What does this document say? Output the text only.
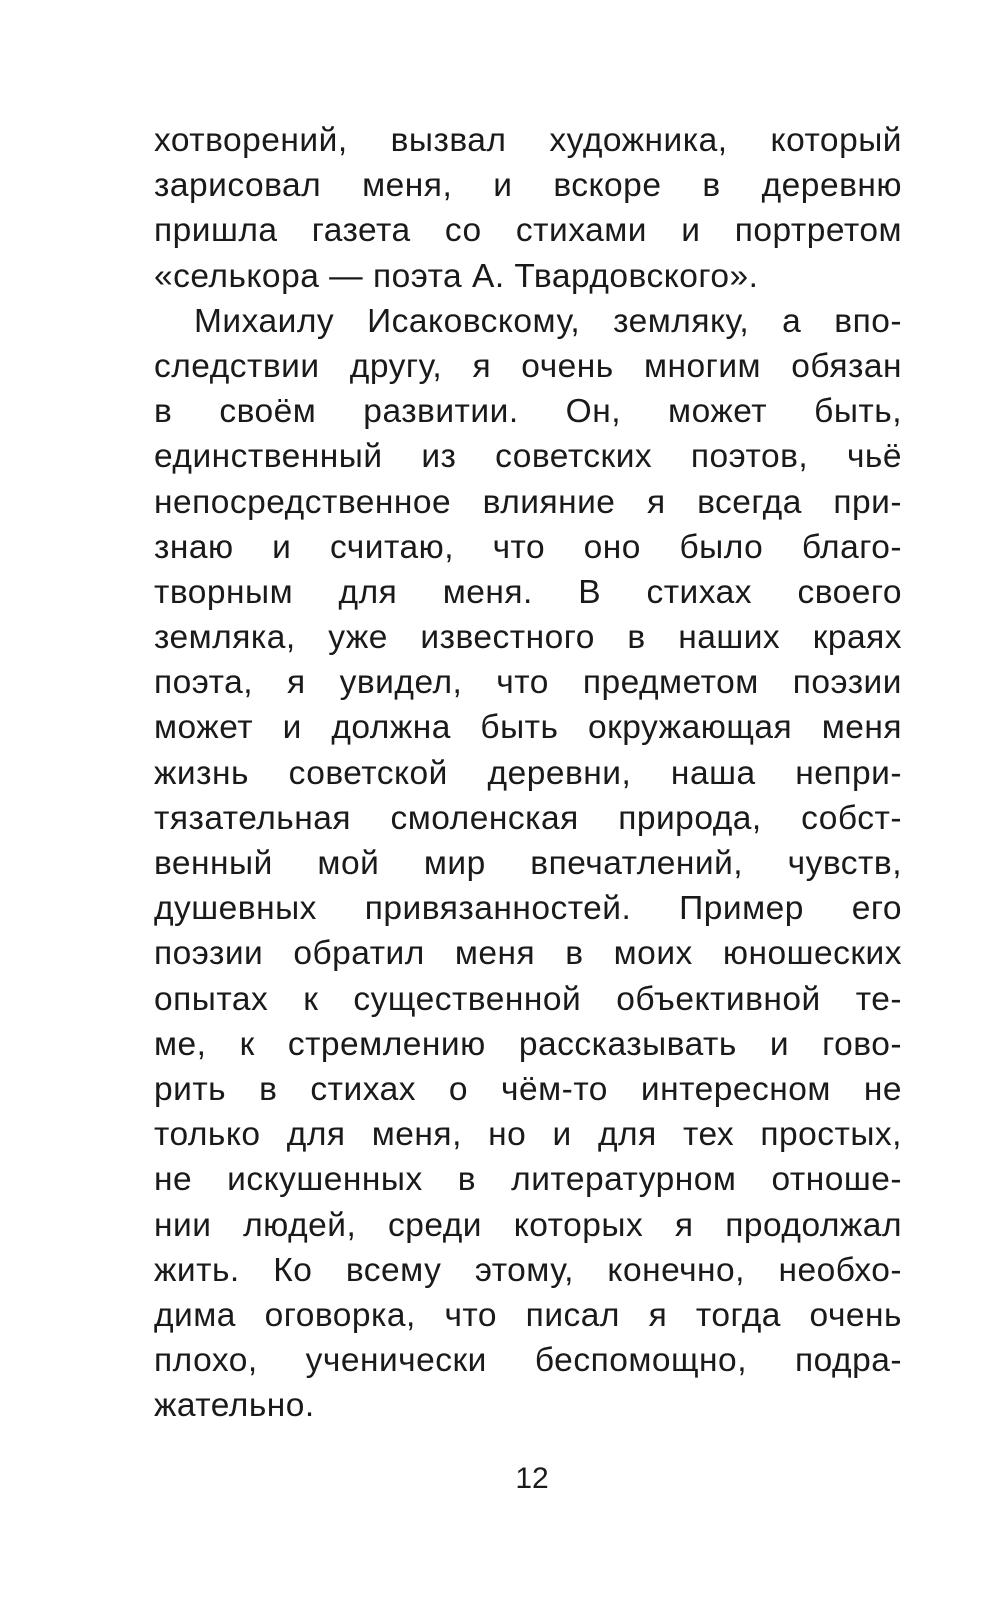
хотворений, вызвал художника, который
зарисовал меня, и вскоре в деревню
пришла газета со стихами и портретом
«селькора — поэта А. Твардовского».
Михаилу Исаковскому, земляку, а впо-
следствии другу, я очень многим обязан
в своём развитии. Он, может быть,
единственный из советских поэтов, чьё
непосредственное влияние я всегда при-
знаю и считаю, что оно было благо-
творным для меня. В стихах своего
земляка, уже известного в наших краях
поэта, я увидел, что предметом поэзии
может и должна быть окружающая меня
жизнь советской деревни, наша непри-
тязательная смоленская природа, собст-
венный мой мир впечатлений, чувств,
душевных привязанностей. Пример его
поэзии обратил меня в моих юношеских
опытах к существенной объективной те-
ме, к стремлению рассказывать и гово-
рить в стихах о чём-то интересном не
только для меня, но и для тех простых,
не искушенных в литературном отноше-
нии людей, среди которых я продолжал
жить. Ко всему этому, конечно, необхо-
дима оговорка, что писал я тогда очень
плохо, ученически беспомощно, подра-
жательно.
12
